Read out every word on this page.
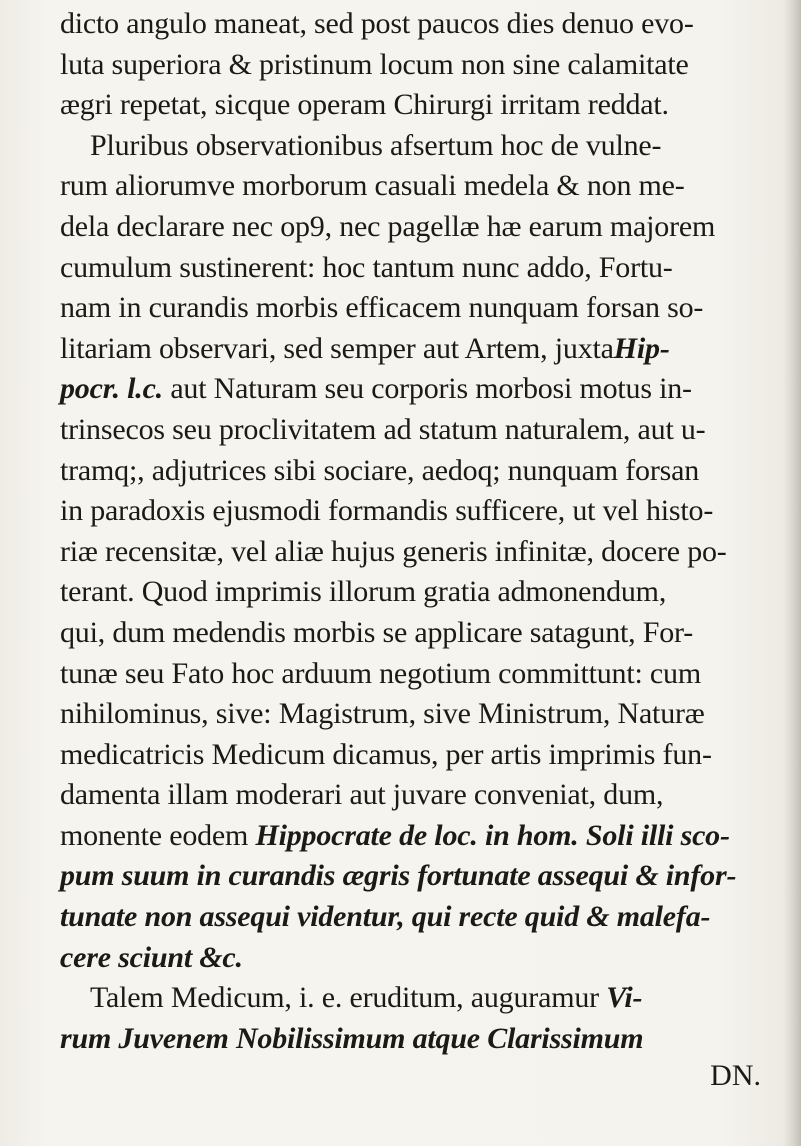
dicto angulo maneat, sed post paucos dies denuo evo-
luta superiora & pristinum locum non sine calamitate
ægri repetat, sicque operam Chirurgi irritam reddat.
Pluribus observationibus afsertum hoc de vulne-
rum aliorumve morborum casuali medela & non me-
dela declarare nec op9, nec pagellæ hæ earum majorem
cumulum sustinerent: hoc tantum nunc addo, Fortu-
nam in curandis morbis efficacem nunquam forsan so-
litariam observari, sed semper aut Artem, juxtaHip-
pocr. l.c. aut Naturam seu corporis morbosi motus in-
trinsecos seu proclivitatem ad statum naturalem, aut u-
tramq;, adjutrices sibi sociare, aedoq; nunquam forsan
in paradoxis ejusmodi formandis sufficere, ut vel histo-
riæ recensitæ, vel aliæ hujus generis infinitæ, docere po-
terant. Quod imprimis illorum gratia admonendum,
qui, dum medendis morbis se applicare satagunt, For-
tunæ seu Fato hoc arduum negotium committunt: cum
nihilominus, sive: Magistrum, sive Ministrum, Naturæ
medicatricis Medicum dicamus, per artis imprimis fun-
damenta illam moderari aut juvare conveniat, dum,
monente eodem Hippocrate de loc. in hom. Soli illi sco-
pum suum in curandis ægris fortunate assequi & infor-
tunate non assequi videntur, qui recte quid & malefa-
cere sciunt &c.
Talem Medicum, i. e. eruditum, auguramur Vi-
rum Juvenem Nobilissimum atque Clarissimum
DN.
